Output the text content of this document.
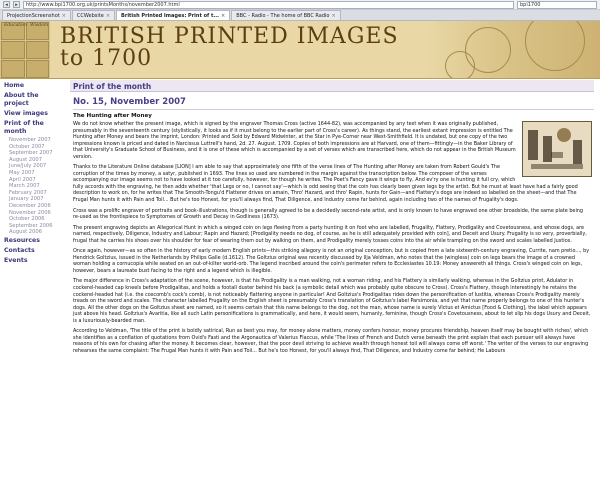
◂	▸	http://www.bpi1700.org.uk/printsMonths/november2007.html	bpi1700
ProjectionScreenshot × CCWebsite × British Printed Images: Print of t... × BBC - Radio - The home of BBC Radio ×
Education Wisdom BRITISH PRINTED IMAGES
to 1700
Home
About the project
View images
Print of the month
November 2007
October 2007
September 2007
August 2007
June/July 2007
May 2007
April 2007
March 2007
February 2007
January 2007
December 2006
November 2006
October 2006
September 2006
August 2006
Resources
Contacts
Events
Print of the month
No. 15, November 2007
The Hunting after Money

We do not know whether the present image, which is signed by the engraver Thomas Cross (active 1644-82), was accompanied by any text when it was originally published, presumably in the seventeenth century (stylistically, it looks as if it must belong to the earlier part of Cross's career). As things stand, the earliest extant impression is entitled The Hunting after Money and bears the imprint, London: Printed and Sold by Edward Midwinter, at the Star in Pye-Corner near West-Smithfield. It is undated, but one copy of the two impressions known is priced and dated in Narcissus Luttrell's hand, 2d. 27. August. 1709. Copies of both impressions are at Harvard, one of them—fittingly—in the Baker Library of that University's Graduate School of Business, and it is one of these which is accompanied by a set of verses which are transcribed here, which do not appear in the British Museum version.

Thanks to the Literature Online database [LION] I am able to say that approximately one fifth of the verse lines of The Hunting after Money are taken from Robert Gould's The corruption of the times by money, a satyr, published in 1693. The lines so used are numbered in the margin against the transcription below. The composer of the verses accompanying our image seems not to have looked at it too carefully, however, for though he writes, The Poet's Fancy gave it wings to fly, And ev'ry one is hunting it full cry, which fully accords with the engraving, he then adds whether 'that Legs or no, I cannot say'—which is odd seeing that the coin has clearly been given legs by the artist. But he must at least have had a fairly good description to work on, for he writes that The Smooth-Tongu'd Flatterer drives on amain, Thro' Hazard, and thro' Rapin, hunts for Gain—and Flattery's dogs are indeed so labelled on the sheet—and that The Frugal Man hunts it with Pain and Toil... But he's too Honest, for you'll always find, That Diligence, and Industry come far behind, again including two of the names of Frugality's dogs.

Cross was a prolific engraver of portraits and book-illustrations, though is generally agreed to be a decidedly second-rate artist, and is only known to have engraved one other broadside, the same plate being re-used as the frontispiece to Symptomes of Growth and Decay in Godliness (1673).

The present engraving depicts an Allegorical Hunt in which a winged coin on legs fleeing from a party hunting it on foot who are labelled, Frugality, Flattery, Prodigality and Covetousness, and whose dogs, are named, respectively, Diligence, Industry and Labour; Rapin and Hazard; [Prodigality needs no dog, of course, as he is still adequately provided with coin], and Deceit and Usury. Frugality is so very, proverbially, frugal that he carries his shoes over his shoulder for fear of wearing them out by walking on them, and Prodigality merely tosses coins into the air while trampling on the sword and scales labelled Justice.

Once again, however—as so often in the history of early modern English prints—this striking allegory is not an original conception, but is copied from a late sixteenth-century engraving, Currite, nam pretio..., by Hendrick Goltzius, issued in the Netherlands by Philips Galle (d.1612). The Goltzius original was recently discussed by Ilja Veldman, who notes that the (wingless) coin on legs bears the image of a crowned woman holding a cornucopia while seated on an out-of-kilter world-orb. The legend inscribed around the coin's perimeter refers to Ecclesiastes 10.19: Money answereth all things. Cross's winged coin on legs, however, bears a laureate bust facing to the right and a legend which is illegible.

The major difference in Cross's adaptation of the scene, however, is that his Prodigality is a man walking, not a woman riding, and his Flattery is similarly walking, whereas in the Goltzius print, Adulator in cockerel-headed cap kneels before Prodigalitas, and holds a footall duster behind his back (a symbolic detail which was probably quite obscure to Cross). Cross's Flattery, though interestingly he retains the cockerel-headed hat (i.e. the coxcomb's cock's comb), is not noticeably flattering anyone in particular! And Goltzius's Prodigalitas rides down the personification of Iustitia, whereas Cross's Prodigality merely treads on the sword and scales. The character labelled Frugality on the English sheet is presumably Cross's translation of Goltzius's label Parsimonia, and yet that name properly belongs to one of this hunter's dogs. All the other dogs on the Goltzius sheet are named, so it seems certain that this name belongs to the dog, not the man, whose name is surely Victus et Amictus [Food & Clothing], the label which appears just above his head. Goltzius's Avaritia, like all such Latin personifications is grammatically, and here, it would seem, humanly, feminine, though Cross's Covetousness, about to let slip his dogs Usury and Deceit, is a luxuriously-bearded man.

According to Veldman, 'The title of the print is boldly satirical, Run as best you may, for money alone matters, money confers honour, money procures friendship, heaven itself may be bought with riches', which she identifies as a conflation of quotations from Ovid's Fasti and the Argonautica of Valerius Flaccus, while 'The lines of French and Dutch verse beneath the print explain that each pursuer will always have reasons of his own for chasing after the money. It becomes clear, however, that the poor devil striving to achieve wealth through honest toil will always come off worst.' The writer of the verses to our engraving rehearses the same complaint: The Frugal Man hunts it with Pain and Toil... But he's too Honest, for you'll always find, That Diligence, and Industry come far behind; He Labours
